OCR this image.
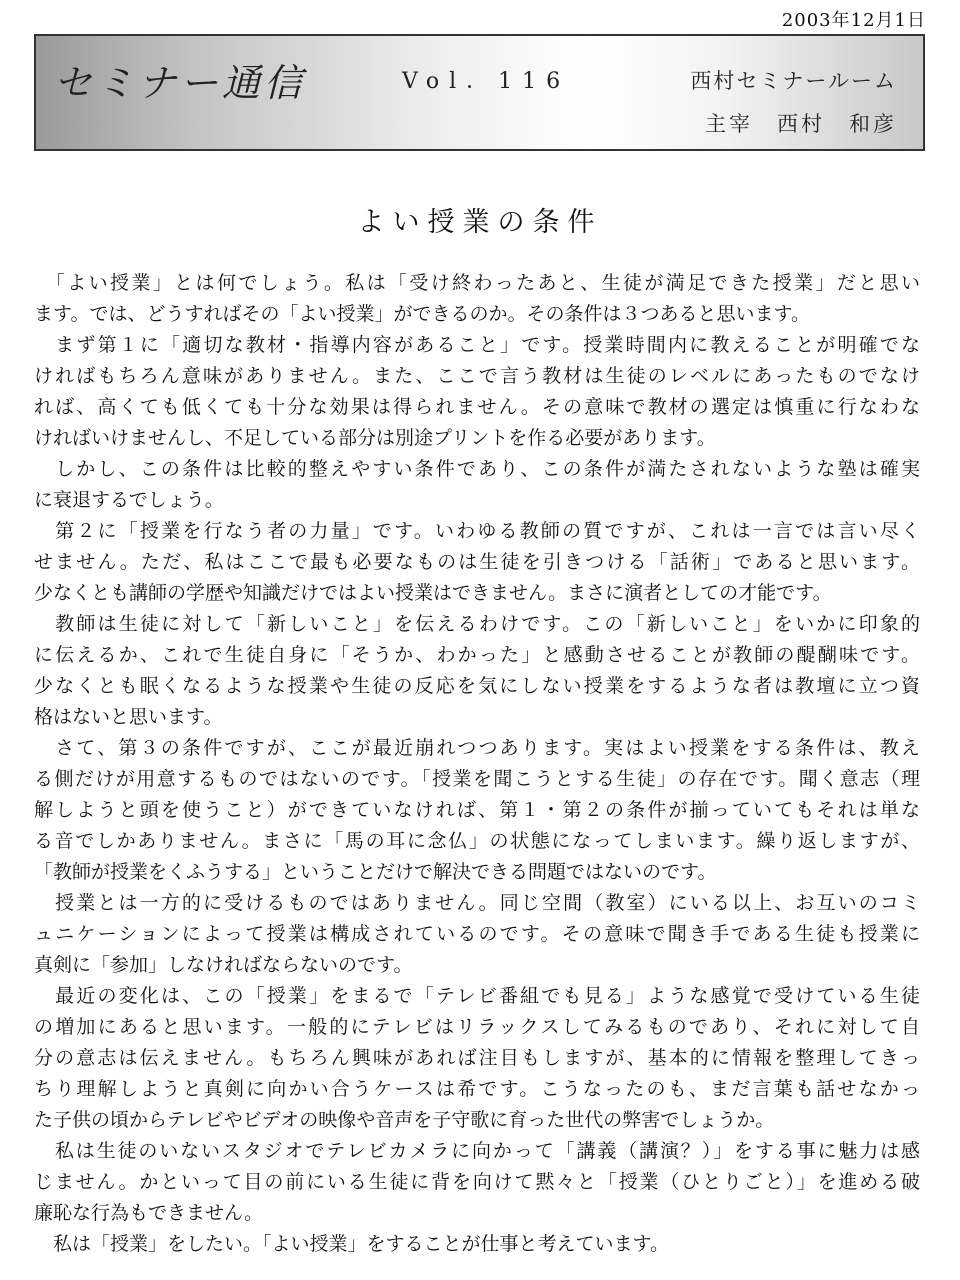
2003年12月1日
セミナー通信	Vol．116	西村セミナールーム
主宰　西村　和彦
よい授業の条件
　「よい授業」とは何でしょう。私は「受け終わったあと、生徒が満足できた授業」だと思い
ます。では、どうすればその「よい授業」ができるのか。その条件は３つあると思います。
　まず第１に「適切な教材・指導内容があること」です。授業時間内に教えることが明確でな
ければもちろん意味がありません。また、ここで言う教材は生徒のレベルにあったものでなけ
れば、高くても低くても十分な効果は得られません。その意味で教材の選定は慎重に行なわな
ければいけませんし、不足している部分は別途プリントを作る必要があります。
　しかし、この条件は比較的整えやすい条件であり、この条件が満たされないような塾は確実
に衰退するでしょう。
　第２に「授業を行なう者の力量」です。いわゆる教師の質ですが、これは一言では言い尽く
せません。ただ、私はここで最も必要なものは生徒を引きつける「話術」であると思います。
少なくとも講師の学歴や知識だけではよい授業はできません。まさに演者としての才能です。
　教師は生徒に対して「新しいこと」を伝えるわけです。この「新しいこと」をいかに印象的
に伝えるか、これで生徒自身に「そうか、わかった」と感動させることが教師の醍醐味です。
少なくとも眠くなるような授業や生徒の反応を気にしない授業をするような者は教壇に立つ資
格はないと思います。
　さて、第３の条件ですが、ここが最近崩れつつあります。実はよい授業をする条件は、教え
る側だけが用意するものではないのです。「授業を聞こうとする生徒」の存在です。聞く意志（理
解しようと頭を使うこと）ができていなければ、第１・第２の条件が揃っていてもそれは単な
る音でしかありません。まさに「馬の耳に念仏」の状態になってしまいます。繰り返しますが、
「教師が授業をくふうする」ということだけで解決できる問題ではないのです。
　授業とは一方的に受けるものではありません。同じ空間（教室）にいる以上、お互いのコミ
ュニケーションによって授業は構成されているのです。その意味で聞き手である生徒も授業に
真剣に「参加」しなければならないのです。
　最近の変化は、この「授業」をまるで「テレビ番組でも見る」ような感覚で受けている生徒
の増加にあると思います。一般的にテレビはリラックスしてみるものであり、それに対して自
分の意志は伝えません。もちろん興味があれば注目もしますが、基本的に情報を整理してきっ
ちり理解しようと真剣に向かい合うケースは希です。こうなったのも、まだ言葉も話せなかっ
た子供の頃からテレビやビデオの映像や音声を子守歌に育った世代の弊害でしょうか。
　私は生徒のいないスタジオでテレビカメラに向かって「講義（講演？）」をする事に魅力は感
じません。かといって目の前にいる生徒に背を向けて黙々と「授業（ひとりごと）」を進める破
廉恥な行為もできません。
　私は「授業」をしたい。「よい授業」をすることが仕事と考えています。
